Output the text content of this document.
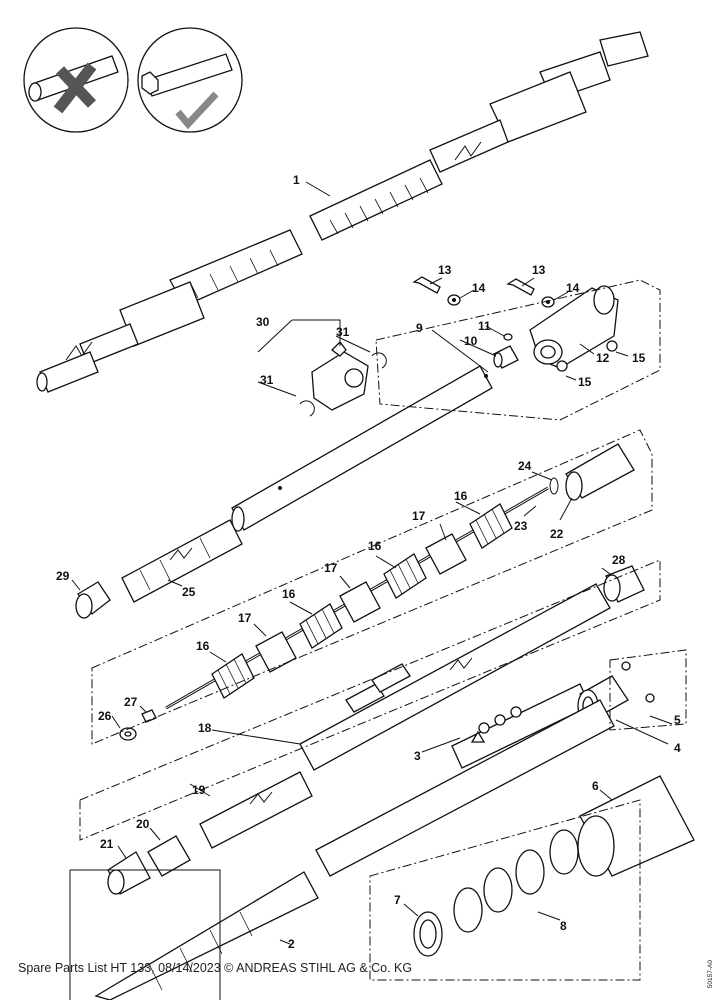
1
2
3
4
5
6
7
8
9
10
11
12
13	13
14	14
15
15
16
16
16
16
17
17
17
18
19
20
21
22
23
24
25
26
27
28
29
30
31
31
Spare Parts List HT 133, 08/14/2023 © ANDREAS STIHL AG & Co. KG	50157-A0
